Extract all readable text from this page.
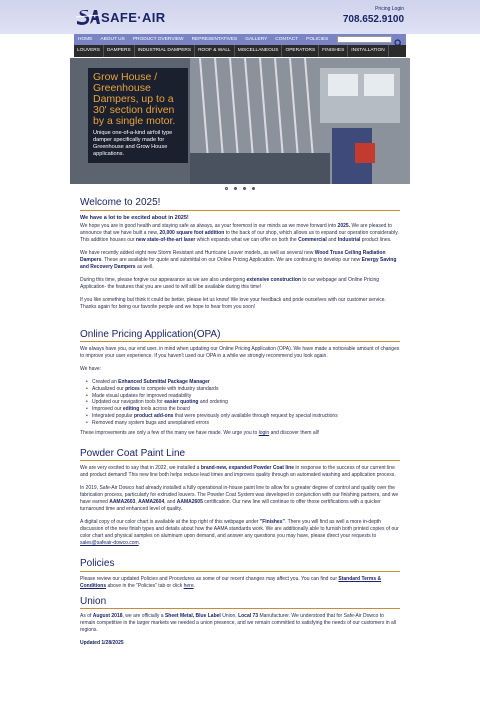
SAFE·AIR
Pricing Login
708.652.9100
HOME	ABOUT US	PRODUCT OVERVIEW	REPRESENTATIVES	GALLERY	CONTACT	POLICIES
search products
LOUVERS	DAMPERS	INDUSTRIAL DAMPERS	ROOF & WALL	MISCELLANEOUS	OPERATORS	FINISHES	INSTALLATION
Grow House / Greenhouse Dampers, up to a 30' section driven by a single motor.
Unique one-of-a-kind airfoil type damper specifically made for Greenhouse and Grow House applications.
Welcome to 2025!
We have a lot to be excited about in 2025!

We hope you are in good health and staying safe as always, as your foremost in our minds as we move forward into 2025. We are pleased to announce that we have built a new, 20,000 square foot addition to the back of our shop, which allows us to expand our operation considerably. This addition houses our new state-of-the-art laser which expands what we can offer on both the Commercial and Industrial product lines.

We have recently added eight new Storm Resistant and Hurricane Louver models, as well as several new Wood Truss Ceiling Radiation Dampers. These are available for quote and submittal on our Online Pricing Application. We are continuing to develop our new Energy Saving and Recovery Dampers as well.

During this time, please forgive our appearance as we are also undergoing extensive construction to our webpage and Online Pricing Application- the features that you are used to will still be available during this time!

If you like something but think it could be better, please let us know! We love your feedback and pride ourselves with our customer service. Thanks again for being our favorite people and we hope to hear from you soon!

Online Pricing Application(OPA)

We always have you, our end user, in mind when updating our Online Pricing Application (OPA). We have made a noticeable amount of changes to improve your user experience. If you haven't used our OPA in a while we strongly recommend you look again.

We have:

• Created an Enhanced Submittal Package Manager
• Actualized our prices to compete with industry standards
• Made visual updates for improved readability
• Updated our navigation tools for easier quoting and ordering
• Improved our editing tools across the board
• Integrated popular product add-ons that were previously only available through request by special instructions
• Removed many system bugs and unexplained errors

These improvements are only a few of the many we have made. We urge you to login and discover them all!

Powder Coat Paint Line

We are very excited to say that in 2022, we installed a brand-new, expanded Powder Coat line in response to the success of our current line and product demand! This new line both helps reduce lead times and improves quality through an automated washing and application process.

In 2019, Safe-Air Dowco had already installed a fully operational in-house paint line to allow for a greater degree of control and quality over the fabrication process, particularly for extruded louvers. The Powder Coat System was developed in conjunction with our finishing partners, and we have earned AAMA2603, AAMA2604, and AAMA2605 certification. Our new line will continue to offer those certifications with a quicker turnaround time and enhanced level of quality.

A digital copy of our color chart is available at the top right of this webpage under "Finishes". There you will find as well a more in-depth discussion of the new finish types and details about how the AAMA standards work. We are additionally able to furnish both printed copies of our color chart and physical samples on aluminum upon demand, and answer any questions you may have, please direct your requests to sales@safeair-dowco.com.

Policies

Please review our updated Policies and Procedures as some of our recent changes may affect you. You can find our Standard Terms & Conditions above in the "Policies" tab or click here.

Union

As of August 2018, we are officially a Sheet Metal, Blue Label Union, Local 73 Manufacturer. We understood that for Safe-Air Dowco to remain competitive in the larger markets we needed a union presence, and we remain committed to satisfying the needs of our customers in all regions.

Updated 1/28/2025
